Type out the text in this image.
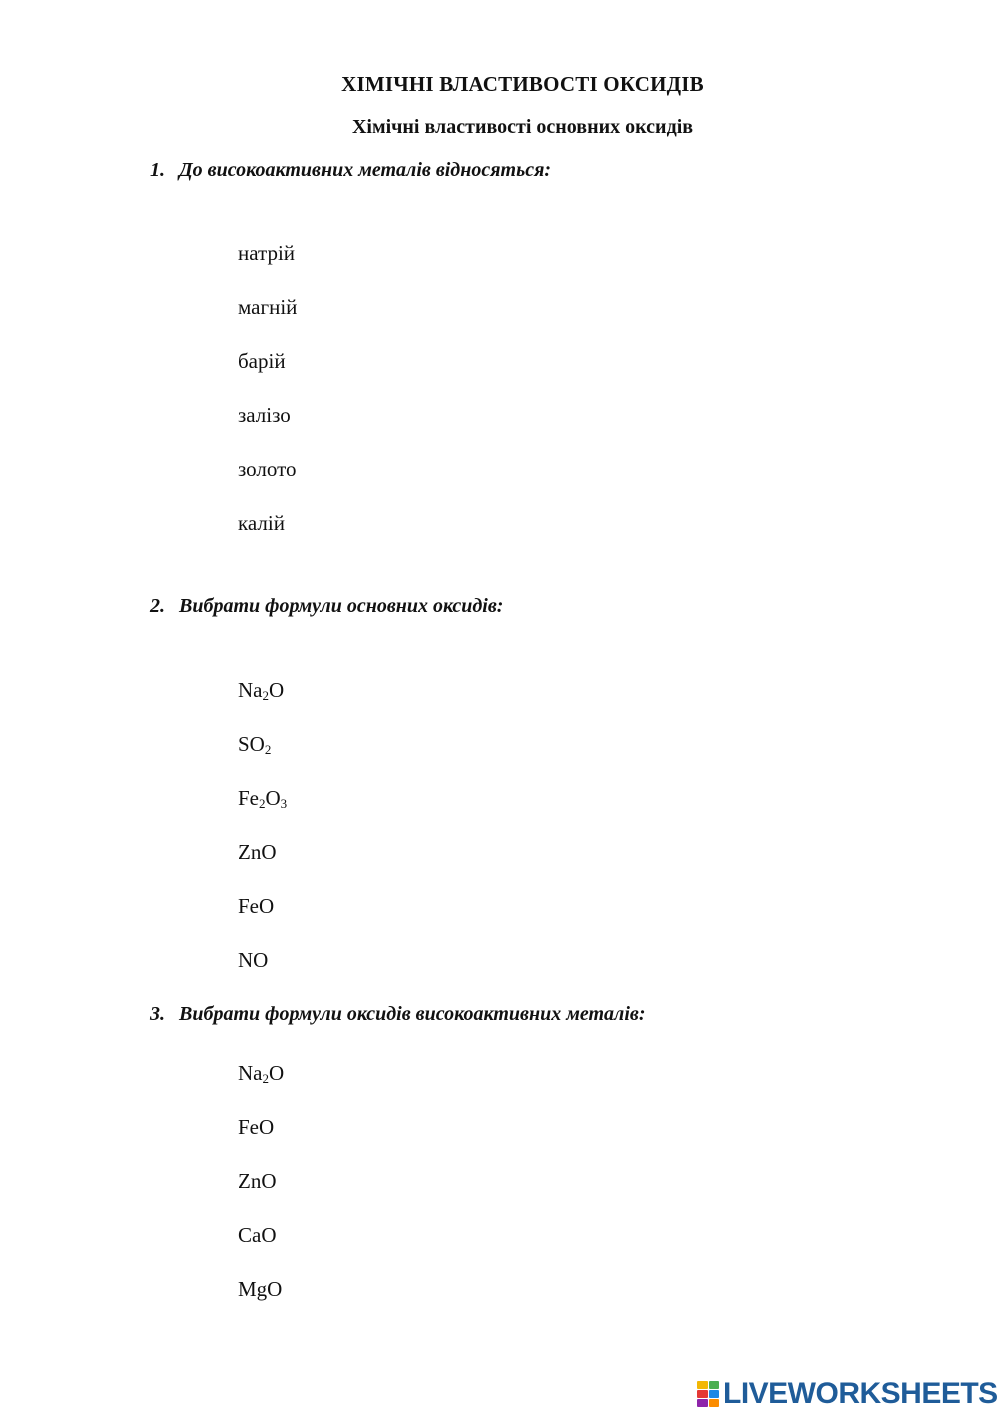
ХІМІЧНІ ВЛАСТИВОСТІ ОКСИДІВ
Хімічні властивості основних оксидів
1. До високоактивних металів відносяться:
натрій
магній
барій
залізо
золото
калій
2. Вибрати формули основних оксидів:
$Na_2O$
$SO_2$
$Fe_2O_3$
ZnO
FeO
NO
3. Вибрати формули оксидів високоактивних металів:
$Na_2O$
FeO
ZnO
CaO
MgO
LIVEWORKSHEETS
